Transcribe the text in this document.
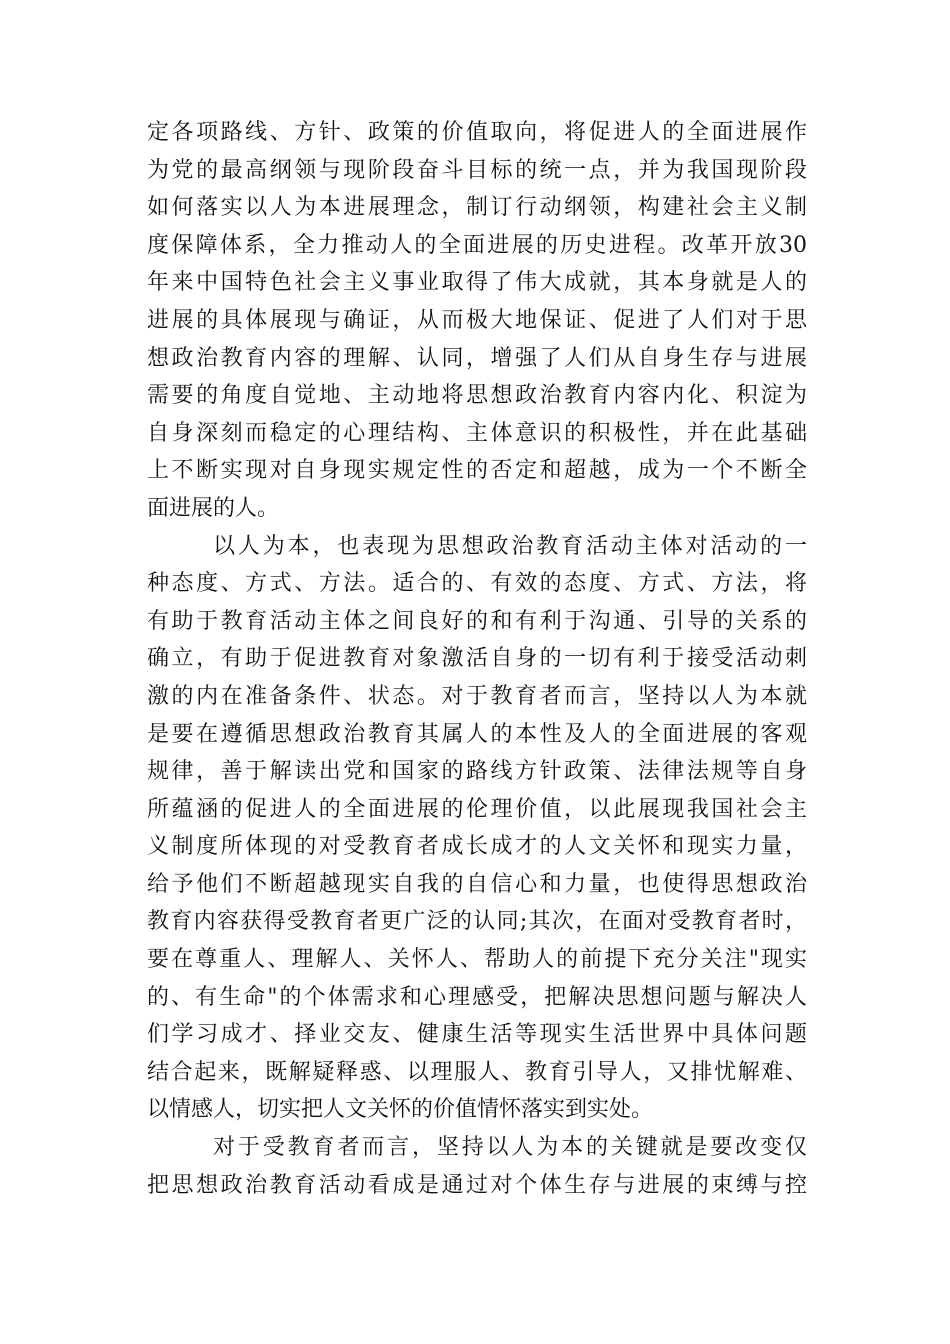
定各项路线、方针、政策的价值取向，将促进人的全面进展作
为党的最高纲领与现阶段奋斗目标的统一点，并为我国现阶段
如何落实以人为本进展理念，制订行动纲领，构建社会主义制
度保障体系，全力推动人的全面进展的历史进程。改革开放30
年来中国特色社会主义事业取得了伟大成就，其本身就是人的
进展的具体展现与确证，从而极大地保证、促进了人们对于思
想政治教育内容的理解、认同，增强了人们从自身生存与进展
需要的角度自觉地、主动地将思想政治教育内容内化、积淀为
自身深刻而稳定的心理结构、主体意识的积极性，并在此基础
上不断实现对自身现实规定性的否定和超越，成为一个不断全
面进展的人。
以人为本，也表现为思想政治教育活动主体对活动的一
种态度、方式、方法。适合的、有效的态度、方式、方法，将
有助于教育活动主体之间良好的和有利于沟通、引导的关系的
确立，有助于促进教育对象激活自身的一切有利于接受活动刺
激的内在准备条件、状态。对于教育者而言，坚持以人为本就
是要在遵循思想政治教育其属人的本性及人的全面进展的客观
规律，善于解读出党和国家的路线方针政策、法律法规等自身
所蕴涵的促进人的全面进展的伦理价值，以此展现我国社会主
义制度所体现的对受教育者成长成才的人文关怀和现实力量，
给予他们不断超越现实自我的自信心和力量，也使得思想政治
教育内容获得受教育者更广泛的认同;其次，在面对受教育者时，
要在尊重人、理解人、关怀人、帮助人的前提下充分关注"现实
的、有生命"的个体需求和心理感受，把解决思想问题与解决人
们学习成才、择业交友、健康生活等现实生活世界中具体问题
结合起来，既解疑释惑、以理服人、教育引导人，又排忧解难、
以情感人，切实把人文关怀的价值情怀落实到实处。
对于受教育者而言，坚持以人为本的关键就是要改变仅
把思想政治教育活动看成是通过对个体生存与进展的束缚与控
